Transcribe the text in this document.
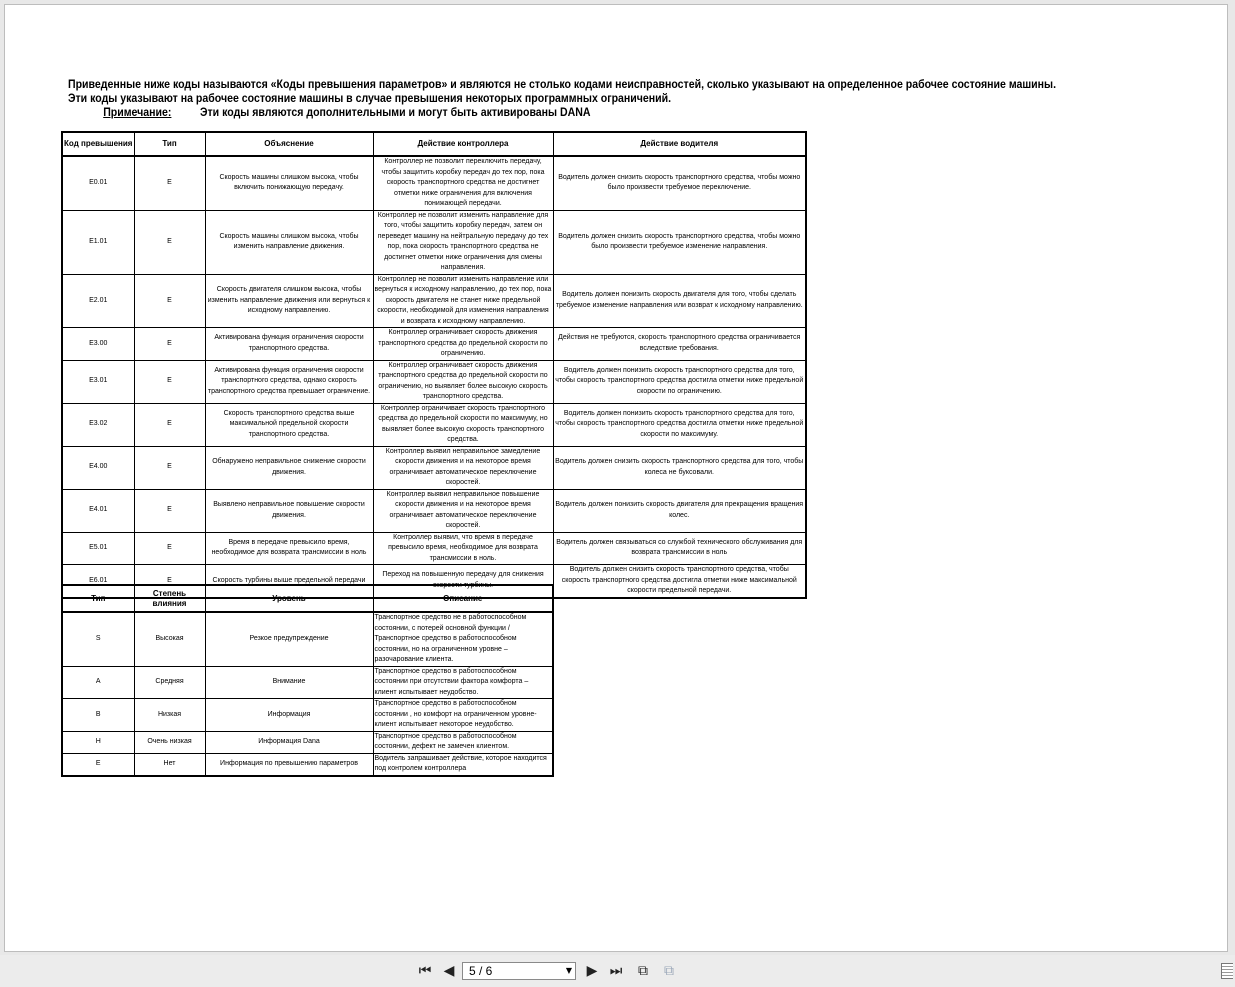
Приведенные ниже коды называются «Коды превышения параметров» и являются не столько кодами неисправностей, сколько указывают на определенное рабочее состояние машины.

Эти коды указывают на рабочее состояние машины в случае превышения некоторых программных ограничений.

Примечание: Эти коды являются дополнительными и могут быть активированы DANA

Код превышения	Тип	Объяснение	Действие контроллера	Действие водителя
E0.01	E	Скорость машины слишком высока, чтобы включить понижающую передачу.	Контроллер не позволит переключить передачу, чтобы защитить коробку передач до тех пор, пока скорость транспортного средства не достигнет отметки ниже ограничения для включения понижающей передачи.	Водитель должен снизить скорость транспортного средства, чтобы можно было произвести требуемое переключение.
E1.01	E	Скорость машины слишком высока, чтобы изменить направление движения.	Контроллер не позволит изменить направление для того, чтобы защитить коробку передач, затем он переведет машину на нейтральную передачу до тех пор, пока скорость транспортного средства не достигнет отметки ниже ограничения для смены направления.	Водитель должен снизить скорость транспортного средства, чтобы можно было произвести требуемое изменение направления.
E2.01	E	Скорость двигателя слишком высока, чтобы изменить направление движения или вернуться к исходному направлению.	Контроллер не позволит изменить направление или вернуться к исходному направлению, до тех пор, пока скорость двигателя не станет ниже предельной скорости, необходимой для изменения направления и возврата к исходному направлению.	Водитель должен понизить скорость двигателя для того, чтобы сделать требуемое изменение направления или возврат к исходному направлению.
E3.00	E	Активирована функция ограничения скорости транспортного средства.	Контроллер ограничивает скорость движения транспортного средства до предельной скорости по ограничению.	Действия не требуются, скорость транспортного средства ограничивается вследствие требования.
E3.01	E	Активирована функция ограничения скорости транспортного средства, однако скорость транспортного средства превышает ограничение.	Контроллер ограничивает скорость движения транспортного средства до предельной скорости по ограничению, но выявляет более высокую скорость транспортного средства.	Водитель должен понизить скорость транспортного средства для того, чтобы скорость транспортного средства достигла отметки ниже предельной скорости по ограничению.
E3.02	E	Скорость транспортного средства выше максимальной предельной скорости транспортного средства.	Контроллер ограничивает скорость транспортного средства до предельной скорости по максимуму, но выявляет более высокую скорость транспортного средства.	Водитель должен понизить скорость транспортного средства для того, чтобы скорость транспортного средства достигла отметки ниже предельной скорости по максимуму.
E4.00	E	Обнаружено неправильное снижение скорости движения.	Контроллер выявил неправильное замедление скорости движения и на некоторое время ограничивает автоматическое переключение скоростей.	Водитель должен снизить скорость транспортного средства для того, чтобы колеса не буксовали.
E4.01	E	Выявлено неправильное повышение скорости движения.	Контроллер выявил неправильное повышение скорости движения и на некоторое время ограничивает автоматическое переключение скоростей.	Водитель должен понизить скорость двигателя для прекращения вращения колес.
E5.01	E	Время в передаче превысило время, необходимое для возврата трансмиссии в ноль	Контроллер выявил, что время в передаче превысило время, необходимое для возврата трансмиссии в ноль.	Водитель должен связываться со службой технического обслуживания для возврата трансмиссии в ноль
E6.01	E	Скорость турбины выше предельной передачи	Переход на повышенную передачу для снижения скорости турбины.	Водитель должен снизить скорость транспортного средства, чтобы скорость транспортного средства достигла отметки ниже максимальной скорости предельной передачи.
Тип	Степень влияния	Уровень	Описание
S	Высокая	Резкое предупреждение	Транспортное средство не в работоспособном состоянии, с потерей основной функции / Транспортное средство в работоспособном состоянии, но на ограниченном уровне – разочарование клиента.
A	Средняя	Внимание	Транспортное средство в работоспособном состоянии при отсутствии фактора комфорта – клиент испытывает неудобство.
B	Низкая	Информация	Транспортное средство в работоспособном состоянии , но комфорт на ограниченном уровне- клиент испытывает некоторое неудобство.
H	Очень низкая	Информация Dana	Транспортное средство в работоспособном состоянии, дефект не замечен клиентом.
E	Нет	Информация по превышению параметров	Водитель запрашивает действие, которое находится под контролем контроллера
⏮ ◀	5 / 6	▼ ▶ ⏭ ⧉ ⧉
